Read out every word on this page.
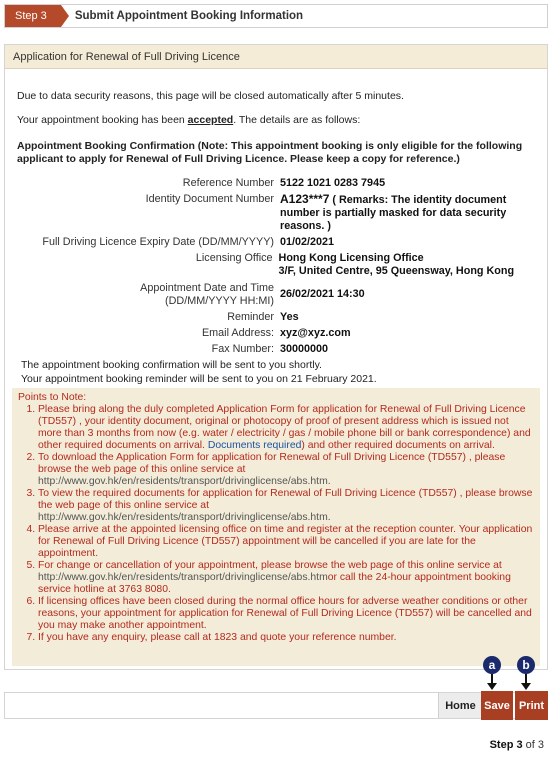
Step 3	Submit Appointment Booking Information
Application for Renewal of Full Driving Licence

Due to data security reasons, this page will be closed automatically after 5 minutes.

Your appointment booking has been accepted. The details are as follows:

Appointment Booking Confirmation (Note: This appointment booking is only eligible for the following applicant to apply for Renewal of Full Driving Licence. Please keep a copy for reference.)

Reference Number 5122 1021 0283 7945
Identity Document Number A123***7 ( Remarks: The identity document number is partially masked for data security reasons. )
Full Driving Licence Expiry Date (DD/MM/YYYY) 01/02/2021
Licensing Office Hong Kong Licensing Office
3/F, United Centre, 95 Queensway, Hong Kong
Appointment Date and Time (DD/MM/YYYY HH:MI)
26/02/2021 14:30
Reminder Yes
Email Address: xyz@xyz.com
Fax Number: 30000000

The appointment booking confirmation will be sent to you shortly.

Your appointment booking reminder will be sent to you on 21 February 2021.

Points to Note:
1. Please bring along the duly completed Application Form for application for Renewal of Full Driving Licence (TD557) , your identity document, original or photocopy of proof of present address which is issued not more than 3 months from now (e.g. water / electricity / gas / mobile phone bill or bank correspondence) and other required documents on arrival. Documents required) and other required documents on arrival.
2. To download the Application Form for application for Renewal of Full Driving Licence (TD557) , please browse the web page of this online service at
http://www.gov.hk/en/residents/transport/drivinglicense/abs.htm.
3. To view the required documents for application for Renewal of Full Driving Licence (TD557) , please browse the web page of this online service at
http://www.gov.hk/en/residents/transport/drivinglicense/abs.htm.
4. Please arrive at the appointed licensing office on time and register at the reception counter. Your application for Renewal of Full Driving Licence (TD557) appointment will be cancelled if you are late for the appointment.
5. For change or cancellation of your appointment, please browse the web page of this online service at http://www.gov.hk/en/residents/transport/drivinglicense/abs.htmor call the 24-hour appointment booking service hotline at 3763 8080.
6. If licensing offices have been closed during the normal office hours for adverse weather conditions or other reasons, your appointment for application for Renewal of Full Driving Licence (TD557) will be cancelled and you may make another appointment.
7. If you have any enquiry, please call at 1823 and quote your reference number.
a	b
Home Save Print
Step 3 of 3
